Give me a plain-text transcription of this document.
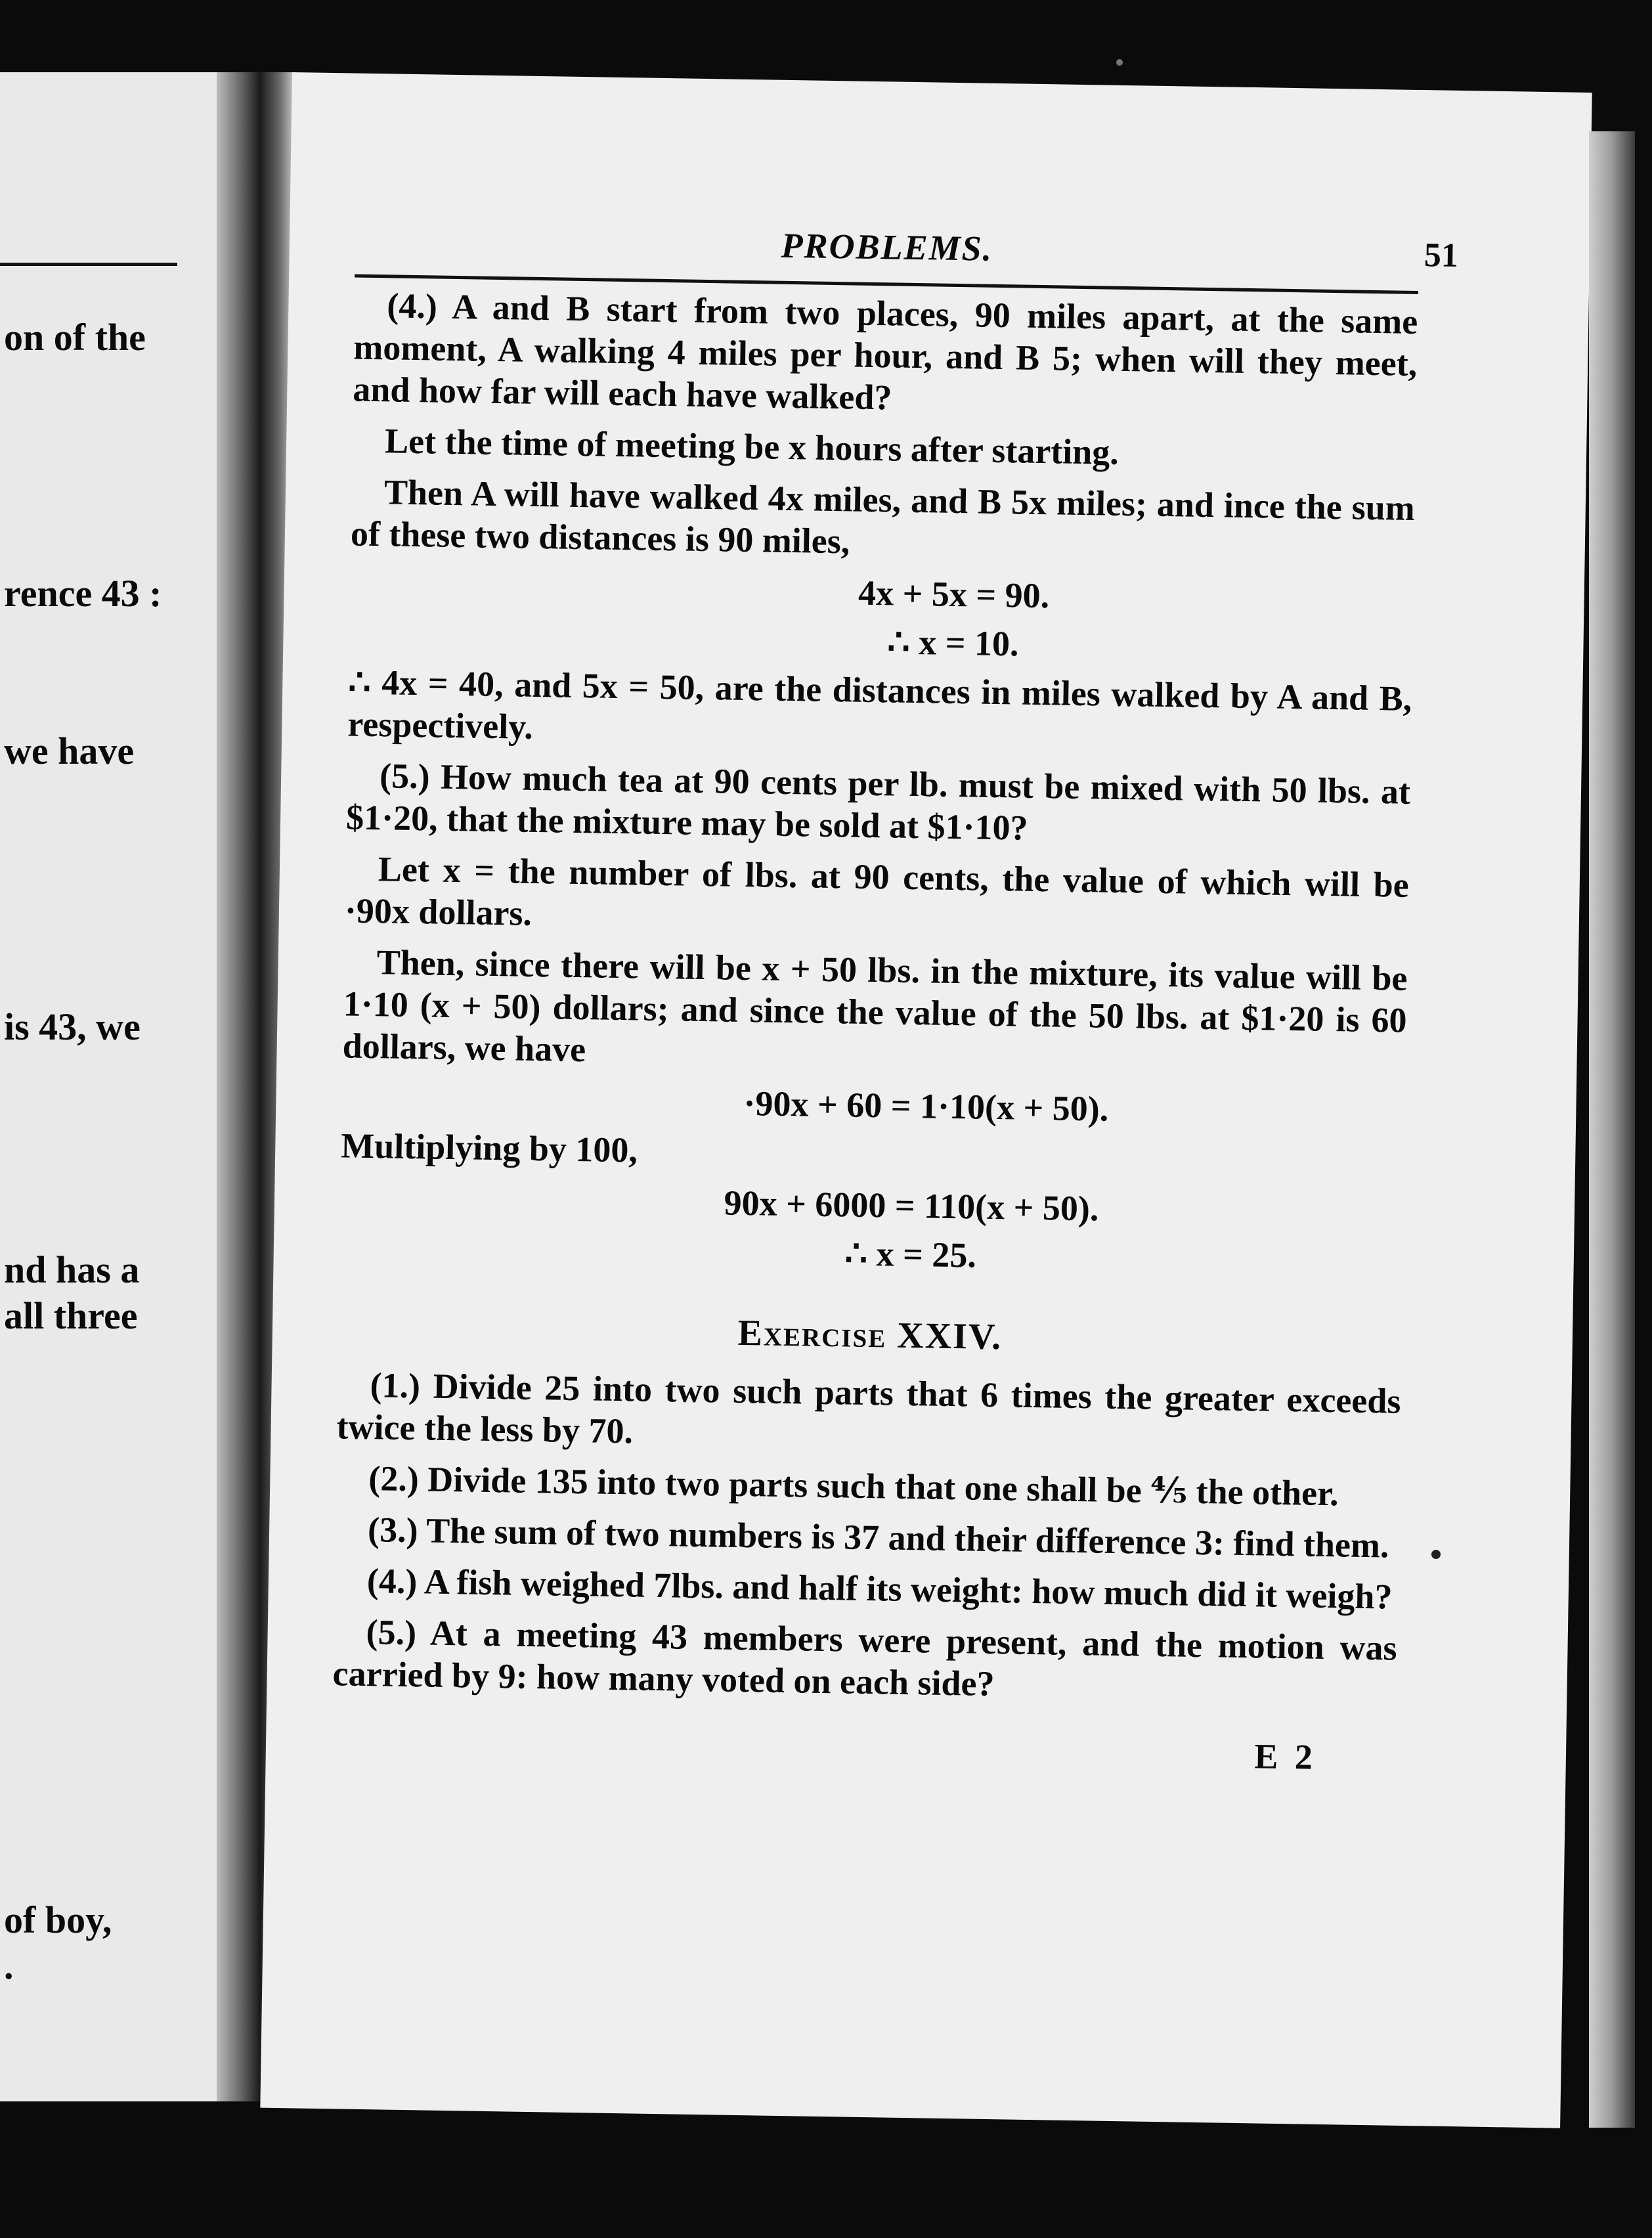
on of the
rence 43 :
we have
is 43, we
nd has a
all three
of boy,
.
PROBLEMS.	51

(4.) A and B start from two places, 90 miles apart, at the same moment, A walking 4 miles per hour, and B 5; when will they meet, and how far will each have walked?

Let the time of meeting be x hours after starting.

Then A will have walked 4x miles, and B 5x miles; and ince the sum of these two distances is 90 miles,

4x + 5x = 90.
∴ x = 10.

∴ 4x = 40, and 5x = 50, are the distances in miles walked by A and B, respectively.

(5.) How much tea at 90 cents per lb. must be mixed with 50 lbs. at $1·20, that the mixture may be sold at $1·10?

Let x = the number of lbs. at 90 cents, the value of which will be ·90x dollars.

Then, since there will be x + 50 lbs. in the mixture, its value will be 1·10 (x + 50) dollars; and since the value of the 50 lbs. at $1·20 is 60 dollars, we have

·90x + 60 = 1·10(x + 50).

Multiplying by 100,

90x + 6000 = 110(x + 50).
∴ x = 25.
Exercise XXIV.

(1.) Divide 25 into two such parts that 6 times the greater exceeds twice the less by 70.

(2.) Divide 135 into two parts such that one shall be ⅘ the other.

(3.) The sum of two numbers is 37 and their difference 3: find them.

(4.) A fish weighed 7lbs. and half its weight: how much did it weigh?

(5.) At a meeting 43 members were present, and the motion was carried by 9: how many voted on each side?

E 2
